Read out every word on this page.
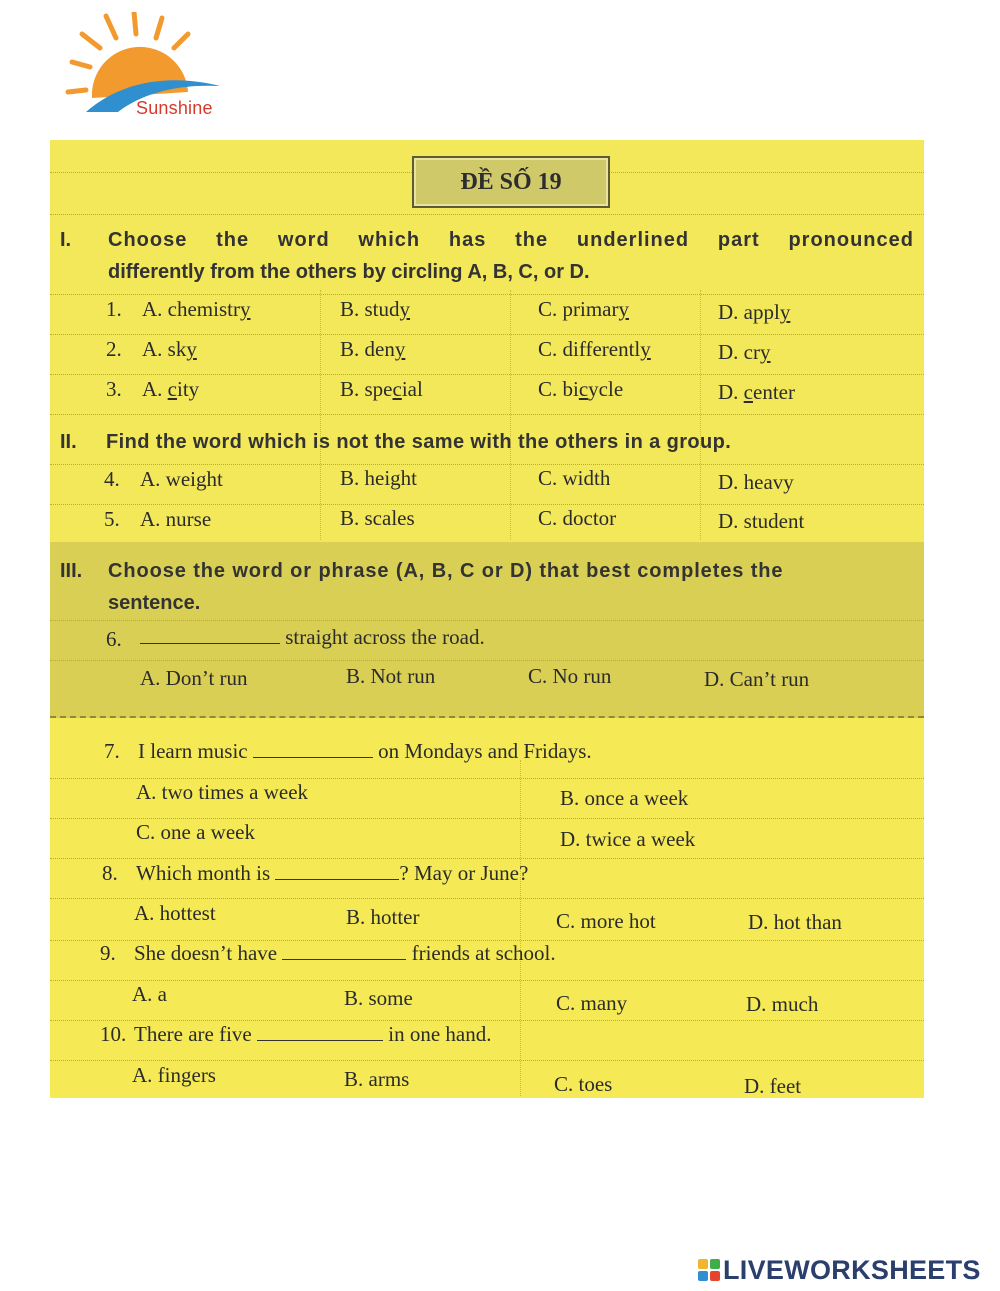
Sunshine
ĐỀ SỐ 19
I. Choose the word which has the underlined part pronounced
differently from the others by circling A, B, C, or D.
1. A. chemistry	B. study	C. primary	D. apply
2. A. sky	B. deny	C. differently	D. cry
3. A. city	B. special	C. bicycle	D. center
II. Find the word which is not the same with the others in a group.
4. A. weight	B. height	C. width	D. heavy
5. A. nurse	B. scales	C. doctor	D. student
III. Choose the word or phrase (A, B, C or D) that best completes the
sentence.
6.	straight across the road.
A. Don’t run	B. Not run	C. No run	D. Can’t run
7. I learn music	on Mondays and Fridays.
A. two times a week	B. once a week
C. one a week	D. twice a week
8. Which month is	? May or June?
A. hottest	B. hotter	C. more hot	D. hot than
9. She doesn’t have	friends at school.
A. a	B. some	C. many	D. much
10. There are five	in one hand.
A. fingers	B. arms	C. toes	D. feet
LIVEWORKSHEETS
